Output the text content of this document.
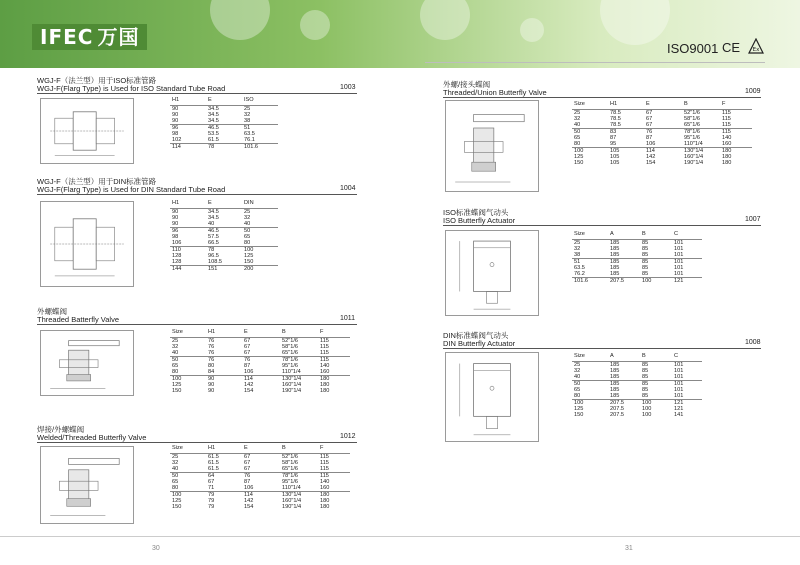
IFEC 万国	ISO9001 CE Ex
WGJ-F（法兰型）用于ISO标准管路
WGJ-F(Flarg Type) is Used for ISO Standard Tube Road	1003
H1	E	ISO
90	34.5	25
90	34.5	32
90	34.5	38
96	46.5	51
98	53.5	63.5
102	61.5	76.1
114	78	101.6
WGJ-F（法兰型）用于DIN标准管路
WGJ-F(Flarg Type) is Used for DIN Standard Tube Road	1004
H1	E	DIN
90	34.5	25
90	34.5	32
90	40	40
96	46.5	50
98	57.5	65
106	66.5	80
110	78	100
128	96.5	125
128	108.5	150
144	151	200
外螺蝶阀
Threaded Batterfly Valve	1011
Size	H1	E	B	F
25	76	67	52"1/6	115
32	76	67	58"1/6	115
40	76	67	65"1/6	115
50	76	76	78"1/6	115
65	80	87	95"1/6	140
80	84	106	110"1/4	160
100	90	114	130"1/4	180
125	90	142	160"1/4	180
150	90	154	190"1/4	180
焊接/外螺蝶阀
Welded/Threaded Butterfly Valve	1012
Size	H1	E	B	F
25	61.5	67	52"1/6	115
32	61.5	67	58"1/6	115
40	61.5	67	65"1/6	115
50	64	76	78"1/6	115
65	67	87	95"1/6	140
80	71	106	110"1/4	160
100	79	114	130"1/4	180
125	79	142	160"1/4	180
150	79	154	190"1/4	180
外螺/接头蝶阀
Threaded/Union Butterfly Valve	1009
Size	H1	E	B	F
25	78.5	67	52"1/6	115
32	78.5	67	58"1/6	115
40	78.5	67	65"1/6	115
50	83	76	78"1/6	115
65	87	87	95"1/6	140
80	95	106	110"1/4	160
100	105	114	130"1/4	180
125	105	142	160"1/4	180
150	105	154	190"1/4	180
ISO标准蝶阀气动头
ISO Butterfly Actuator	1007
Size	A	B	C
25	185	85	101
32	185	85	101
38	185	85	101
51	185	85	101
63.5	185	85	101
76.2	185	85	101
101.6	207.5	100	121
DIN标准蝶阀气动头
DIN Butterfly Actuator	1008
Size	A	B	C
25	185	85	101
32	185	85	101
40	185	85	101
50	185	85	101
65	185	85	101
80	185	85	101
100	207.5	100	121
125	207.5	100	121
150	207.5	100	141
30	31
